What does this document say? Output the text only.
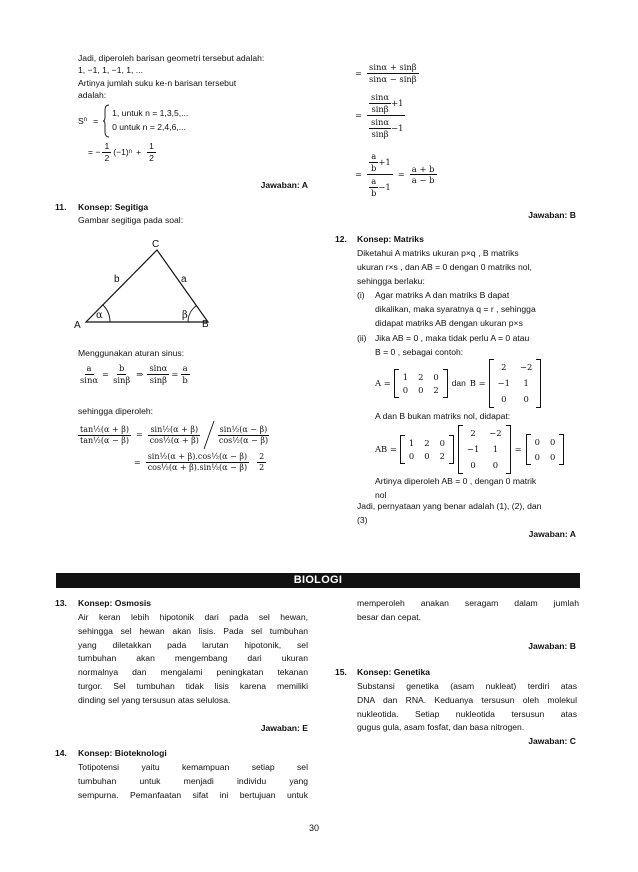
Jadi, diperoleh barisan geometri tersebut adalah:
1, −1, 1, −1, 1, ...
Artinya jumlah suku ke-n barisan tersebut
adalah:
S n =
1, untuk n = 1,3,5,...
0 untuk n = 2,4,6,...
= − $\frac{1}{2} (-1) n + \frac{1}{2}$
Jawaban: A
11. Konsep: Segitiga
Gambar segitiga pada soal:
C
A	B
b	a
α	β
Menggunakan aturan sinus:
$\frac{a}{\sin\alpha} = \frac{b}{\sin\beta}$ ⇒ $\frac{\sin\alpha}{\sin\beta} = \frac{a}{b}$
sehingga diperoleh:
$\frac{\text{tan½(α + β)}}{\text{tan½(α − β)}} = \frac{\text{sin½(α + β)}}{\text{cos½(α + β)}} \frac{\text{sin½(α − β)}}{\text{cos½(α − β)}}$
= $\frac{\text{sin½(α + β).cos½(α − β)}}{\text{cos½(α + β).sin½(α − β)}} \frac{2}{2}$
= $\frac{\sin\alpha + \sin\beta}{\sin\alpha - \sin\beta}$
= $\frac{\frac{\sin\alpha}{\sin\beta} +1}{\frac{\sin\alpha}{\sin\beta} -1}$
= $\frac{\frac{a}{b} +1}{\frac{a}{b} -1} = \frac{a + b}{a - b}$
Jawaban: B
12. Konsep: Matriks
Diketahui A matriks ukuran p×q , B matriks
ukuran r×s , dan AB = 0 dengan 0 matriks nol,
sehingga berlaku:
(i) Agar matriks A dan matriks B dapat
dikalikan, maka syaratnya q = r , sehingga
didapat matriks AB dengan ukuran p×s
(ii) Jika AB = 0 , maka tidak perlu A = 0 atau
B = 0 , sebagai contoh:
A =
1 2 0
0 0 2
dan B =
2	−2
−1	1
0	0
A dan B bukan matriks nol, didapat:
AB =
1 2 0
0 0 2
2	−2
−1	1
0	0
=
0 0
0 0
Artinya diperoleh AB = 0 , dengan 0 matrik
nol
Jadi, pernyataan yang benar adalah (1), (2), dan
(3)
Jawaban: A
BIOLOGI
13. Konsep: Osmosis
Air keran lebih hipotonik dari pada sel hewan,
sehingga sel hewan akan lisis. Pada sel tumbuhan
yang diletakkan pada larutan hipotonik, sel
tumbuhan akan mengembang dari ukuran
normalnya dan mengalami peningkatan tekanan
turgor. Sel tumbuhan tidak lisis karena memiliki
dinding sel yang tersusun atas selulosa.
Jawaban: E
14. Konsep: Bioteknologi
Totipotensi yaitu kemampuan setiap sel
tumbuhan untuk menjadi individu yang
sempurna. Pemanfaatan sifat ini bertujuan untuk
memperoleh anakan seragam dalam jumlah
besar dan cepat.
Jawaban: B
15. Konsep: Genetika
Substansi genetika (asam nukleat) terdiri atas
DNA dan RNA. Keduanya tersusun oleh molekul
nukleotida. Setiap nukleotida tersusun atas
gugus gula, asam fosfat, dan basa nitrogen.
Jawaban: C
30
